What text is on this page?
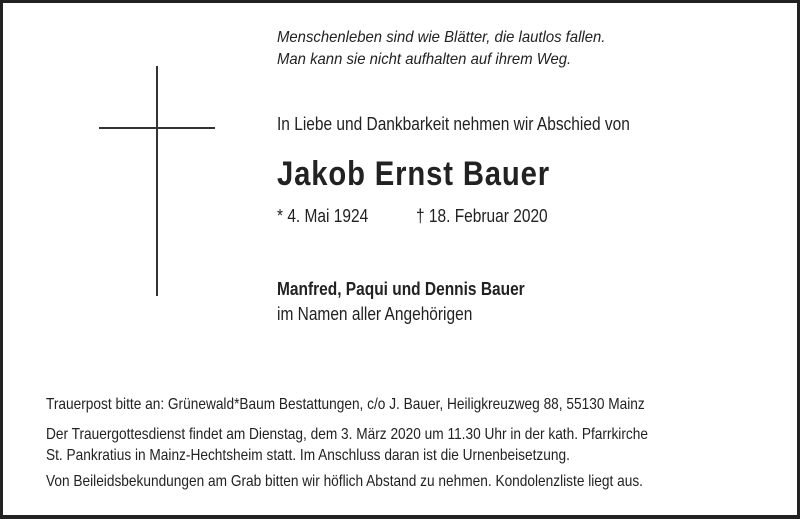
Menschenleben sind wie Blätter, die lautlos fallen.
Man kann sie nicht aufhalten auf ihrem Weg.
In Liebe und Dankbarkeit nehmen wir Abschied von
Jakob Ernst Bauer
* 4. Mai 1924	† 18. Februar 2020
Manfred, Paqui und Dennis Bauer
im Namen aller Angehörigen
Trauerpost bitte an: Grünewald*Baum Bestattungen, c/o J. Bauer, Heiligkreuzweg 88, 55130 Mainz
Der Trauergottesdienst findet am Dienstag, dem 3. März 2020 um 11.30 Uhr in der kath. Pfarrkirche
St. Pankratius in Mainz-Hechtsheim statt. Im Anschluss daran ist die Urnenbeisetzung.
Von Beileidsbekundungen am Grab bitten wir höflich Abstand zu nehmen. Kondolenzliste liegt aus.
